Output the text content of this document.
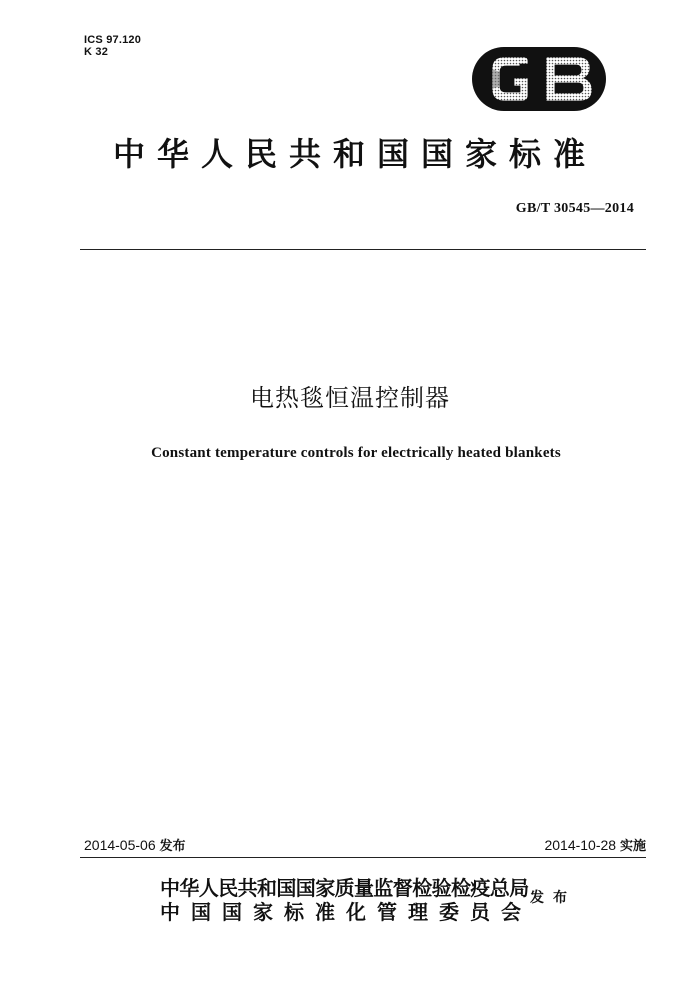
ICS 97.120
K 32
中华人民共和国国家标准
GB/T 30545—2014
电热毯恒温控制器
Constant temperature controls for electrically heated blankets
2014-05-06 发布	2014-10-28 实施
中华人民共和国国家质量监督检验检疫总局
中国国家标准化管理委员会
发布
